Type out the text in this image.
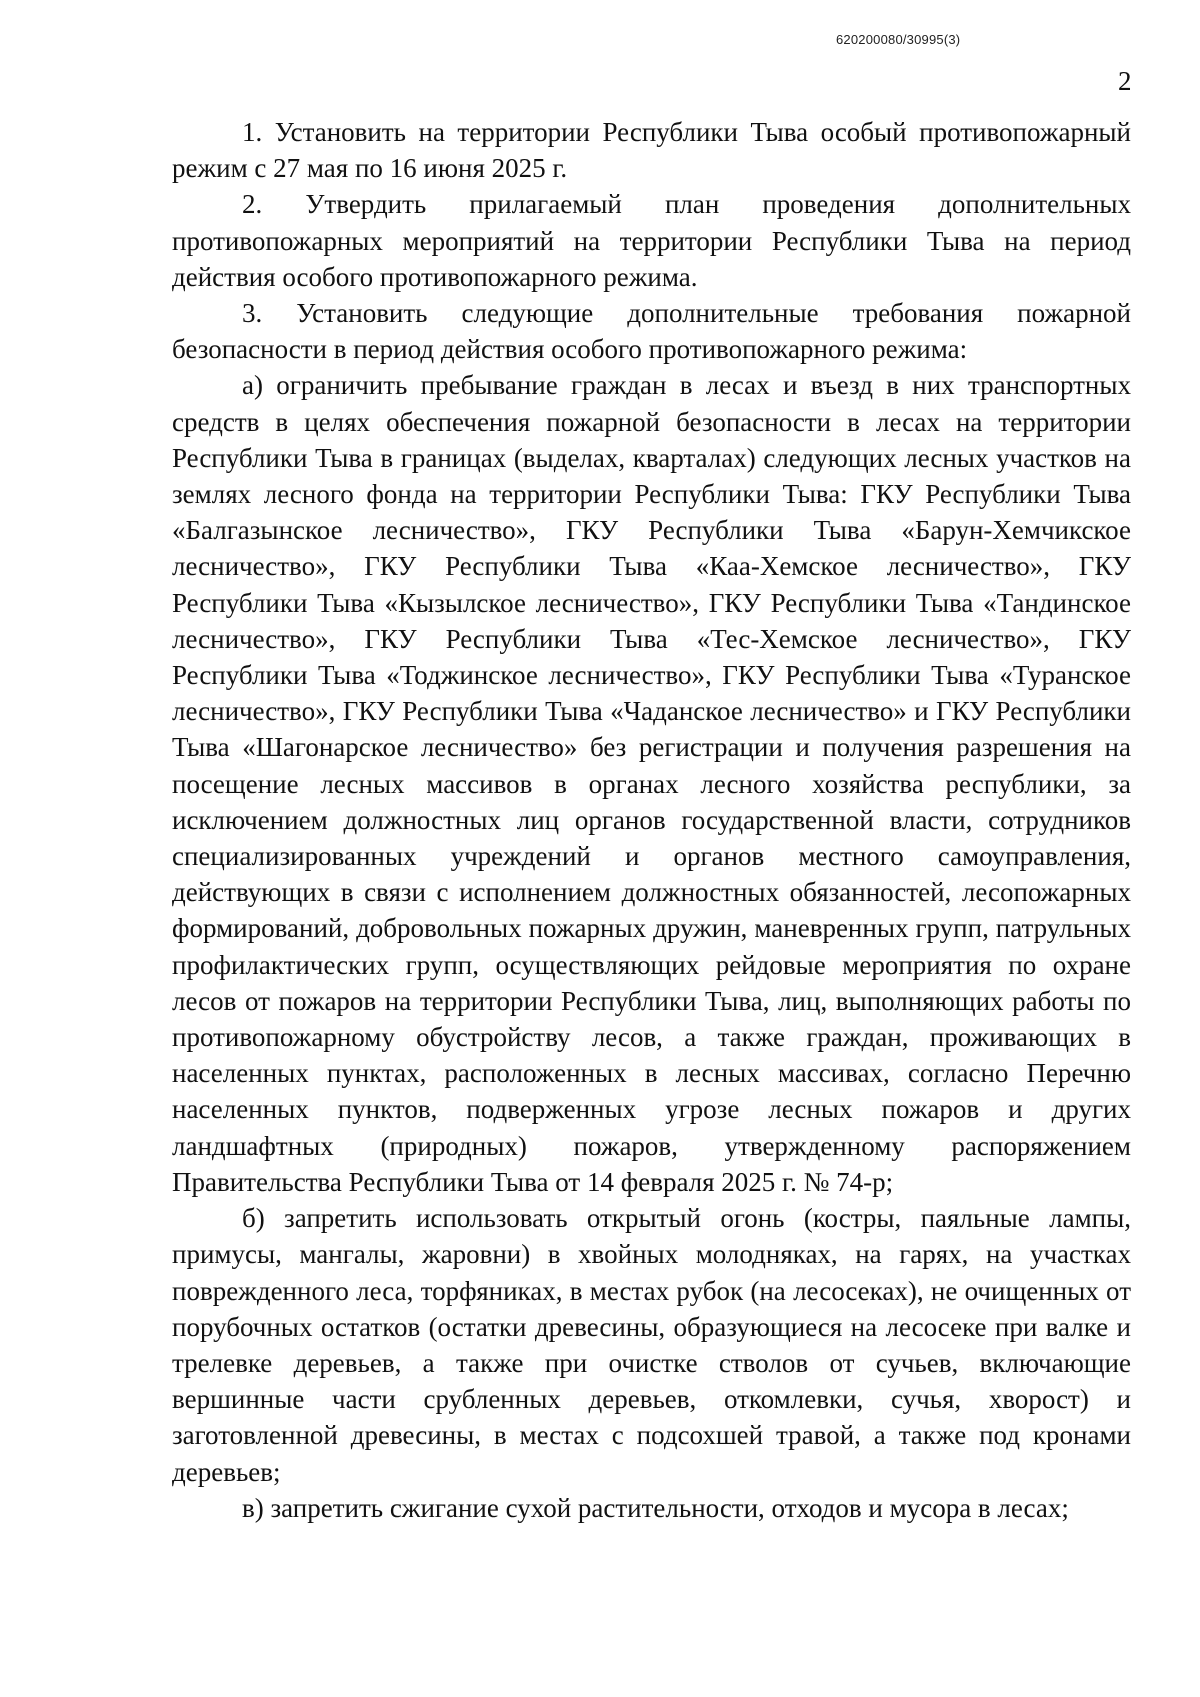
620200080/30995(3)
2

1. Установить на территории Республики Тыва особый противопожарный режим с 27 мая по 16 июня 2025 г.

2. Утвердить прилагаемый план проведения дополнительных противопожарных мероприятий на территории Республики Тыва на период действия особого противопожарного режима.

3. Установить следующие дополнительные требования пожарной безопасности в период действия особого противопожарного режима:

а) ограничить пребывание граждан в лесах и въезд в них транспортных средств в целях обеспечения пожарной безопасности в лесах на территории Республики Тыва в границах (выделах, кварталах) следующих лесных участков на землях лесного фонда на территории Республики Тыва: ГКУ Республики Тыва «Балгазынское лесничество», ГКУ Республики Тыва «Барун-Хемчикское лесничество», ГКУ Республики Тыва «Каа-Хемское лесничество», ГКУ Республики Тыва «Кызылское лесничество», ГКУ Республики Тыва «Тандинское лесничество», ГКУ Республики Тыва «Тес-Хемское лесничество», ГКУ Республики Тыва «Тоджинское лесничество», ГКУ Республики Тыва «Туранское лесничество», ГКУ Республики Тыва «Чаданское лесничество» и ГКУ Республики Тыва «Шагонарское лесничество» без регистрации и получения разрешения на посещение лесных массивов в органах лесного хозяйства республики, за исключением должностных лиц органов государственной власти, сотрудников специализированных учреждений и органов местного самоуправления, действующих в связи с исполнением должностных обязанностей, лесопожарных формирований, добровольных пожарных дружин, маневренных групп, патрульных профилактических групп, осуществляющих рейдовые мероприятия по охране лесов от пожаров на территории Республики Тыва, лиц, выполняющих работы по противопожарному обустройству лесов, а также граждан, проживающих в населенных пунктах, расположенных в лесных массивах, согласно Перечню населенных пунктов, подверженных угрозе лесных пожаров и других ландшафтных (природных) пожаров, утвержденному распоряжением Правительства Республики Тыва от 14 февраля 2025 г. № 74-р;

б) запретить использовать открытый огонь (костры, паяльные лампы, примусы, мангалы, жаровни) в хвойных молодняках, на гарях, на участках поврежденного леса, торфяниках, в местах рубок (на лесосеках), не очищенных от порубочных остатков (остатки древесины, образующиеся на лесосеке при валке и трелевке деревьев, а также при очистке стволов от сучьев, включающие вершинные части срубленных деревьев, откомлевки, сучья, хворост) и заготовленной древесины, в местах с подсохшей травой, а также под кронами деревьев;

в) запретить сжигание сухой растительности, отходов и мусора в лесах;
